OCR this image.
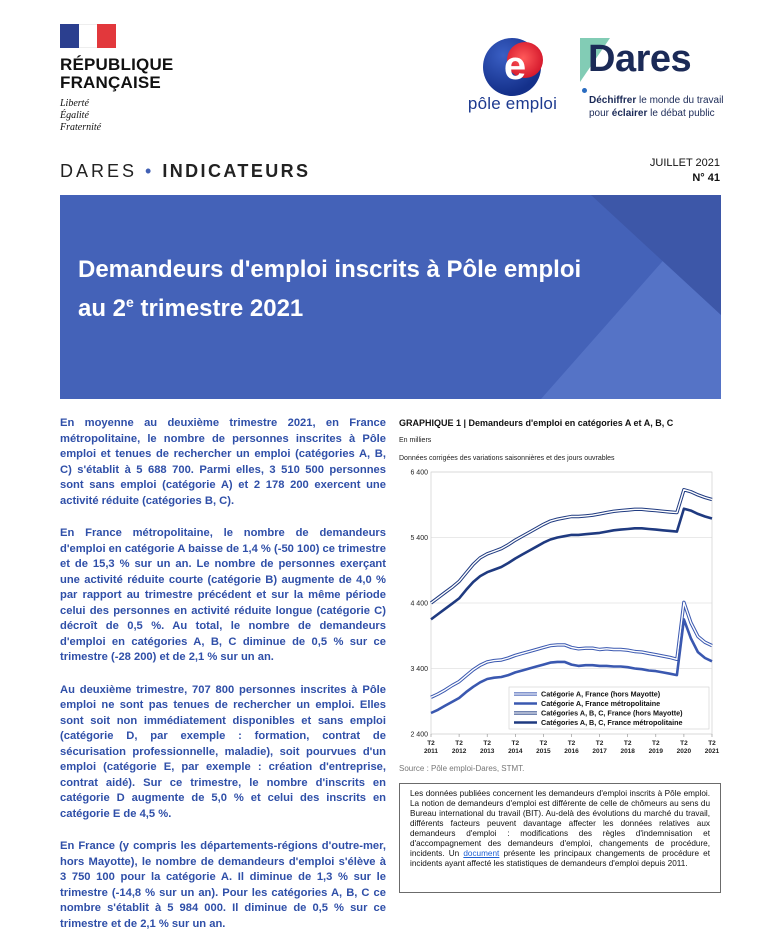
RÉPUBLIQUE
FRANÇAISE
Liberté
Égalité
Fraternité
e
pôle emploi
Dares
Déchiffrer le monde du travail
pour éclairer le débat public
DARES • INDICATEURS	JUILLET 2021
N° 41
Demandeurs d'emploi inscrits à Pôle emploi
au 2e trimestre 2021

En moyenne au deuxième trimestre 2021, en France métropolitaine, le nombre de personnes inscrites à Pôle emploi et tenues de rechercher un emploi (catégories A, B, C) s'établit à 5 688 700. Parmi elles, 3 510 500 personnes sont sans emploi (catégorie A) et 2 178 200 exercent une activité réduite (catégories B, C).

En France métropolitaine, le nombre de demandeurs d'emploi en catégorie A baisse de 1,4 % (-50 100) ce trimestre et de 15,3 % sur un an. Le nombre de personnes exerçant une activité réduite courte (catégorie B) augmente de 4,0 % par rapport au trimestre précédent et sur la même période celui des personnes en activité réduite longue (catégorie C) décroît de 0,5 %. Au total, le nombre de demandeurs d'emploi en catégories A, B, C diminue de 0,5 % sur ce trimestre (-28 200) et de 2,1 % sur un an.

Au deuxième trimestre, 707 800 personnes inscrites à Pôle emploi ne sont pas tenues de rechercher un emploi. Elles sont soit non immédiatement disponibles et sans emploi (catégorie D, par exemple : formation, contrat de sécurisation professionnelle, maladie), soit pourvues d'un emploi (catégorie E, par exemple : création d'entreprise, contrat aidé). Sur ce trimestre, le nombre d'inscrits en catégorie D augmente de 5,0 % et celui des inscrits en catégorie E de 4,5 %.

En France (y compris les départements-régions d'outre-mer, hors Mayotte), le nombre de demandeurs d'emploi s'élève à 3 750 100 pour la catégorie A. Il diminue de 1,3 % sur le trimestre (-14,8 % sur un an). Pour les catégories A, B, C ce nombre s'établit à 5 984 000. Il diminue de 0,5 % sur ce trimestre et de 2,1 % sur un an.

GRAPHIQUE 1 | Demandeurs d'emploi en catégories A et A, B, C
En milliers
Données corrigées des variations saisonnières et des jours ouvrables
Catégorie A, France (hors Mayotte)
Catégorie A, France métropolitaine
Catégories A, B, C, France (hors Mayotte)
Catégories A, B, C, France métropolitaine
6 400
5 400
4 400
3 400
2 400
T2
2011
T2
2012
T2
2013
T2
2014
T2
2015
T2
2016
T2
2017
T2
2018
T2
2019
T2
2020
T2
2021
Source : Pôle emploi-Dares, STMT.
Les données publiées concernent les demandeurs d'emploi inscrits à Pôle emploi. La notion de demandeurs d'emploi est différente de celle de chômeurs au sens du Bureau international du travail (BIT). Au-delà des évolutions du marché du travail, différents facteurs peuvent davantage affecter les données relatives aux demandeurs d'emploi : modifications des règles d'indemnisation et d'accompagnement des demandeurs d'emploi, changements de procédure, incidents. Un document présente les principaux changements de procédure et incidents ayant affecté les statistiques de demandeurs d'emploi depuis 2011.
